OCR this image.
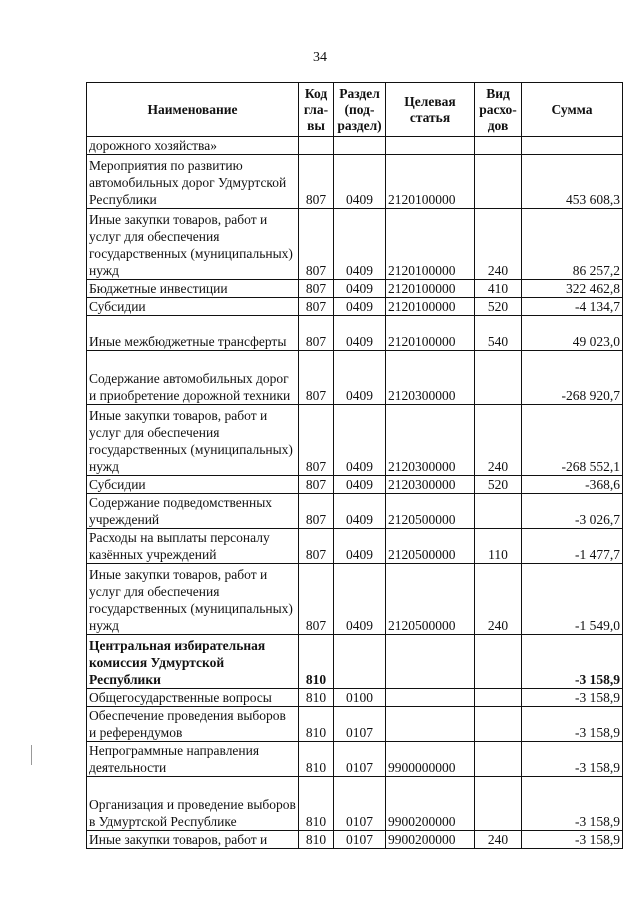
34
Наименование	Код гла- вы	Раздел (под- раздел)	Целевая статья	Вид расхо- дов	Сумма
дорожного хозяйства»					
Мероприятия по развитию автомобильных дорог Удмуртской Республики	807	0409	2120100000		453 608,3
Иные закупки товаров, работ и услуг для обеспечения государственных (муниципальных) нужд	807	0409	2120100000	240	86 257,2
Бюджетные инвестиции	807	0409	2120100000	410	322 462,8
Субсидии	807	0409	2120100000	520	-4 134,7
Иные межбюджетные трансферты	807	0409	2120100000	540	49 023,0
Содержание автомобильных дорог и приобретение дорожной техники	807	0409	2120300000		-268 920,7
Иные закупки товаров, работ и услуг для обеспечения государственных (муниципальных) нужд	807	0409	2120300000	240	-268 552,1
Субсидии	807	0409	2120300000	520	-368,6
Содержание подведомственных учреждений	807	0409	2120500000		-3 026,7
Расходы на выплаты персоналу казённых учреждений	807	0409	2120500000	110	-1 477,7
Иные закупки товаров, работ и услуг для обеспечения государственных (муниципальных) нужд	807	0409	2120500000	240	-1 549,0
Центральная избирательная комиссия Удмуртской Республики	810				-3 158,9
Общегосударственные вопросы	810	0100			-3 158,9
Обеспечение проведения выборов и референдумов	810	0107			-3 158,9
Непрограммные направления деятельности	810	0107	9900000000		-3 158,9
Организация и проведение выборов в Удмуртской Республике	810	0107	9900200000		-3 158,9
Иные закупки товаров, работ и	810	0107	9900200000	240	-3 158,9
